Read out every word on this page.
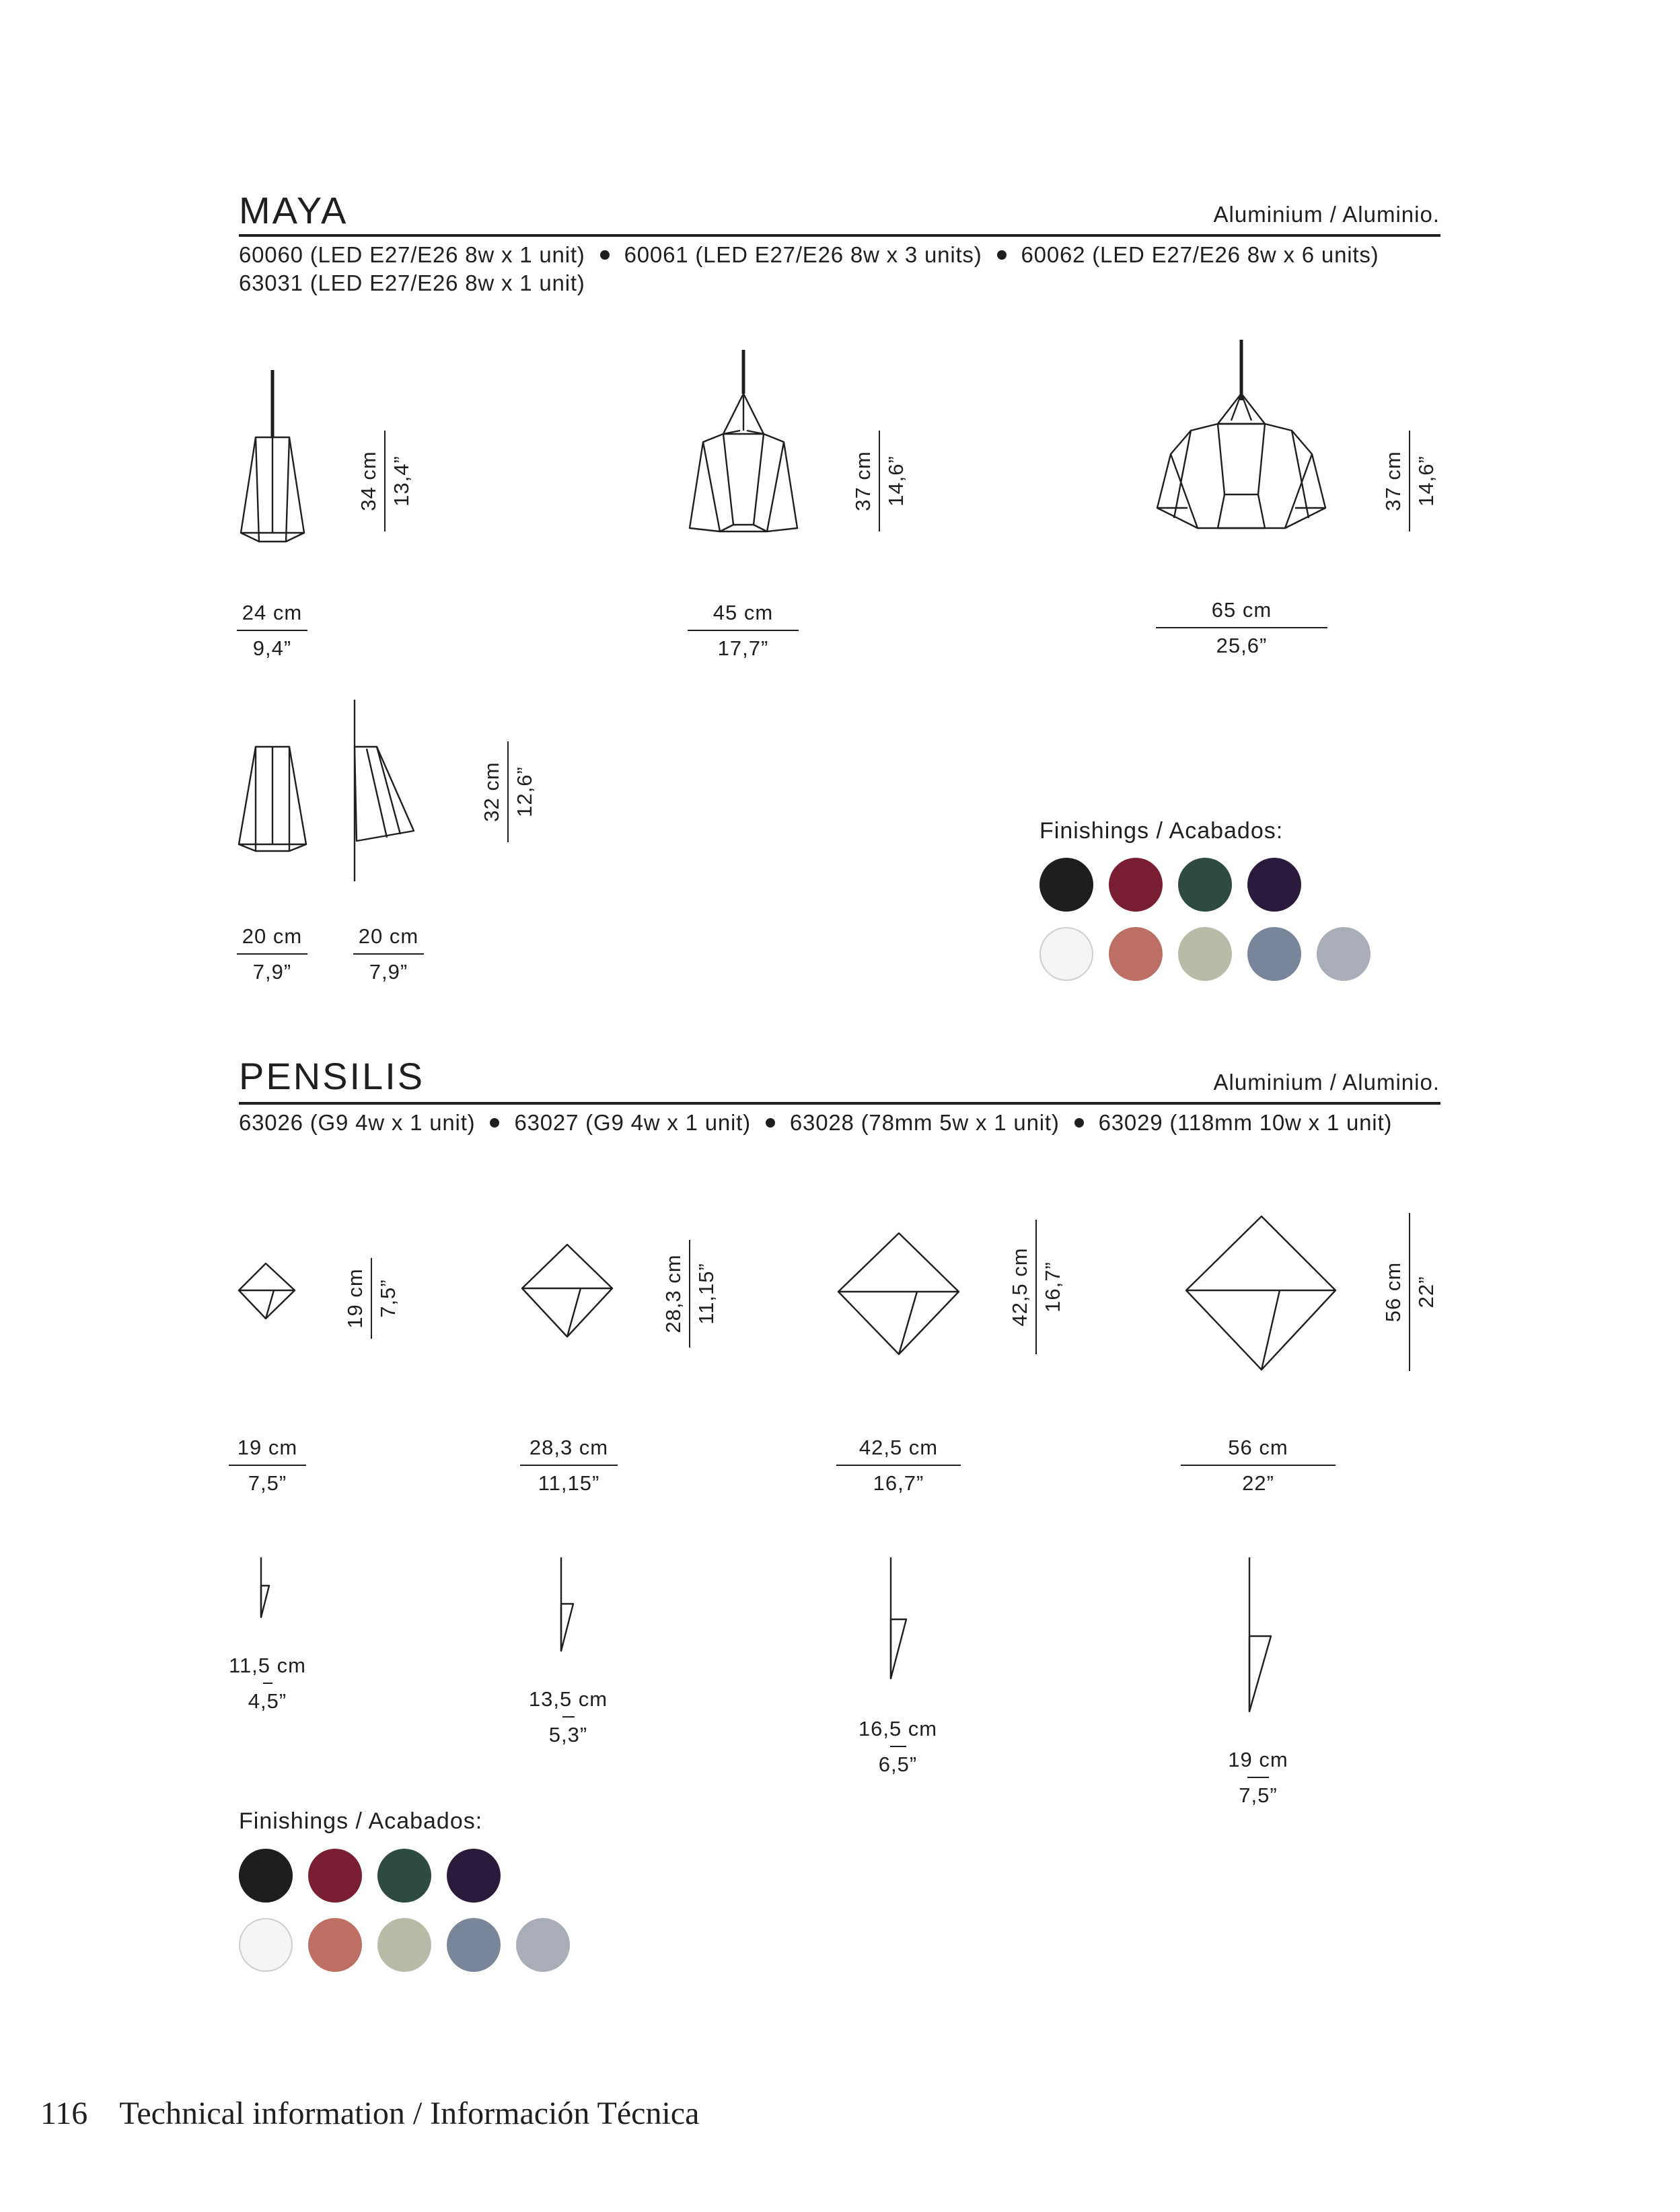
MAYA	Aluminium / Aluminio.
60060 (LED E27/E26 8w x 1 unit) 60061 (LED E27/E26 8w x 3 units) 60062 (LED E27/E26 8w x 6 units)
63031 (LED E27/E26 8w x 1 unit)
34 cm 13,4”
24 cm
9,4”
37 cm 14,6”
45 cm
17,7”
37 cm 14,6”
65 cm
25,6”
32 cm 12,6”
20 cm
7,9”
20 cm
7,9”
Finishings / Acabados:
PENSILIS	Aluminium / Aluminio.
63026 (G9 4w x 1 unit) 63027 (G9 4w x 1 unit) 63028 (78mm 5w x 1 unit) 63029 (118mm 10w x 1 unit)
19 cm 7,5”	28,3 cm 11,15”	42,5 cm 16,7”	56 cm 22”
19 cm
7,5”
28,3 cm
11,15”
42,5 cm
16,7”
56 cm
22”
11,5 cm
4,5”	13,5 cm
5,3”	16,5 cm
6,5”	19 cm
7,5”
Finishings / Acabados:
116 Technical information / Información Técnica
